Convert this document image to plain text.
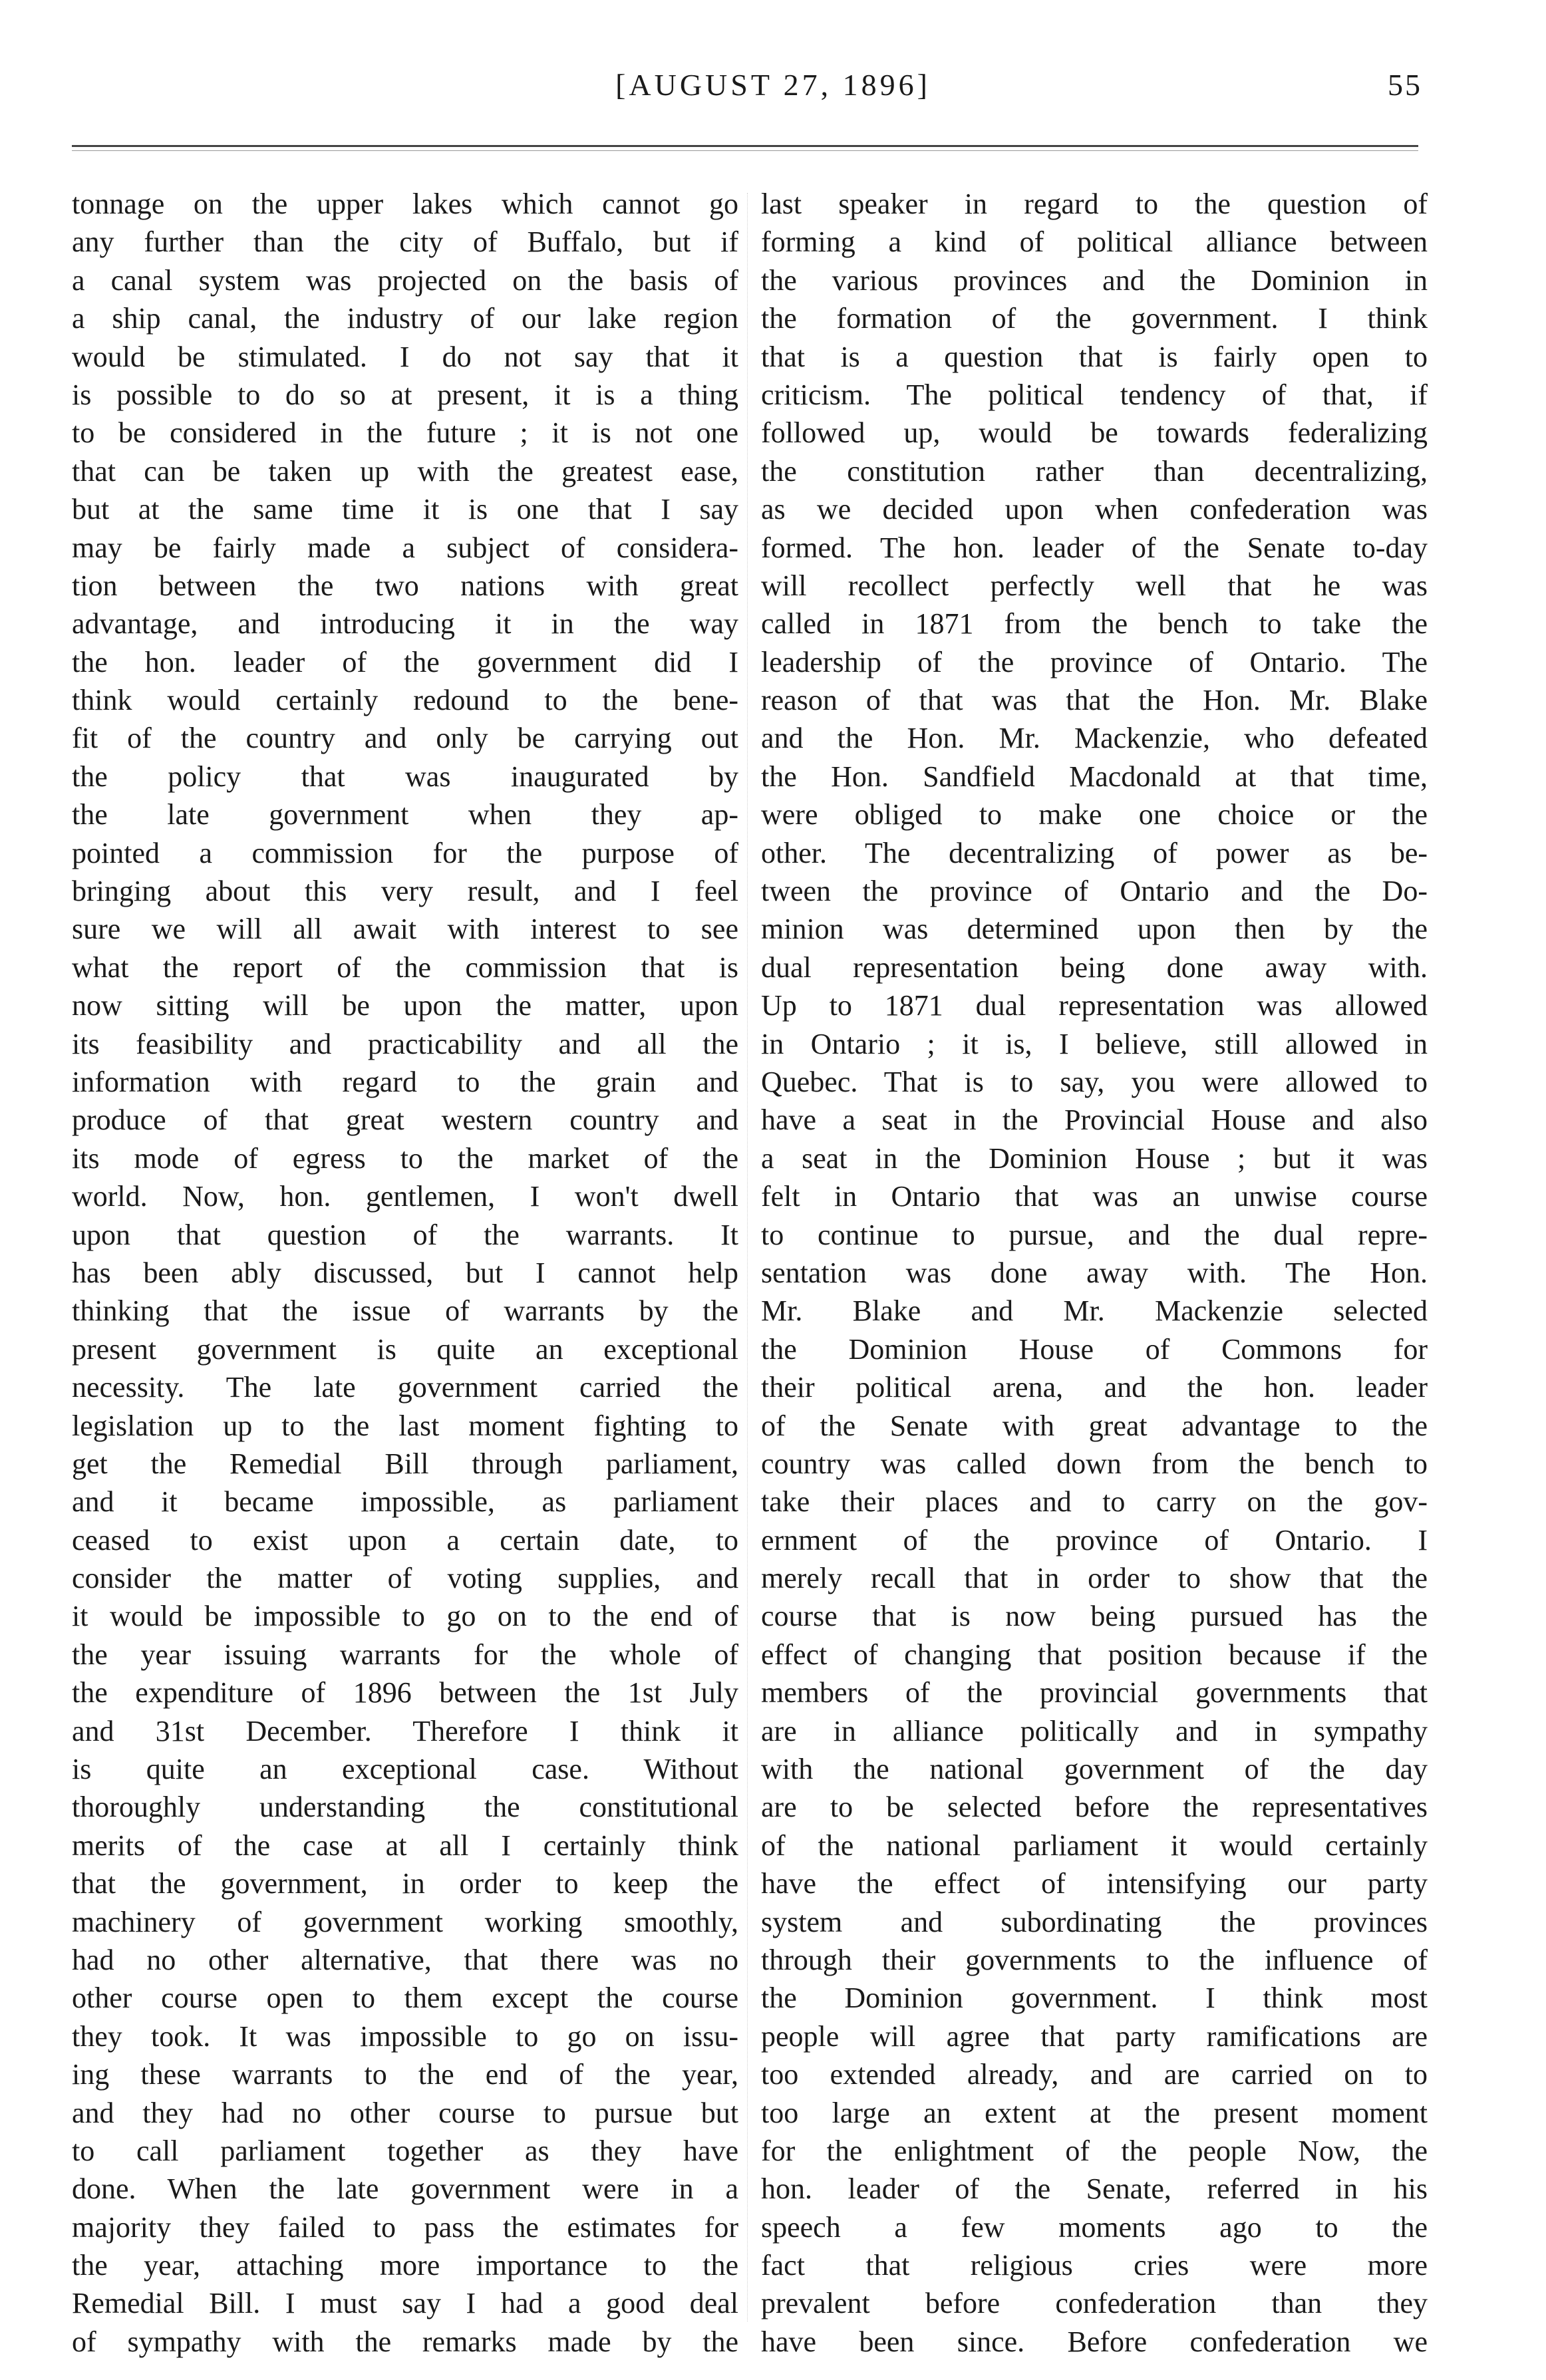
[AUGUST 27, 1896]	55
tonnage on the upper lakes which cannot go
any further than the city of Buffalo, but if
a canal system was projected on the basis of
a ship canal, the industry of our lake region
would be stimulated. I do not say that it
is possible to do so at present, it is a thing
to be considered in the future ; it is not one
that can be taken up with the greatest ease,
but at the same time it is one that I say
may be fairly made a subject of considera-
tion between the two nations with great
advantage, and introducing it in the way
the hon. leader of the government did I
think would certainly redound to the bene-
fit of the country and only be carrying out
the policy that was inaugurated by
the late government when they ap-
pointed a commission for the purpose of
bringing about this very result, and I feel
sure we will all await with interest to see
what the report of the commission that is
now sitting will be upon the matter, upon
its feasibility and practicability and all the
information with regard to the grain and
produce of that great western country and
its mode of egress to the market of the
world. Now, hon. gentlemen, I won't dwell
upon that question of the warrants. It
has been ably discussed, but I cannot help
thinking that the issue of warrants by the
present government is quite an exceptional
necessity. The late government carried the
legislation up to the last moment fighting to
get the Remedial Bill through parliament,
and it became impossible, as parliament
ceased to exist upon a certain date, to
consider the matter of voting supplies, and
it would be impossible to go on to the end of
the year issuing warrants for the whole of
the expenditure of 1896 between the 1st July
and 31st December. Therefore I think it
is quite an exceptional case. Without
thoroughly understanding the constitutional
merits of the case at all I certainly think
that the government, in order to keep the
machinery of government working smoothly,
had no other alternative, that there was no
other course open to them except the course
they took. It was impossible to go on issu-
ing these warrants to the end of the year,
and they had no other course to pursue but
to call parliament together as they have
done. When the late government were in a
majority they failed to pass the estimates for
the year, attaching more importance to the
Remedial Bill. I must say I had a good deal
of sympathy with the remarks made by the
last speaker in regard to the question of
forming a kind of political alliance between
the various provinces and the Dominion in
the formation of the government. I think
that is a question that is fairly open to
criticism. The political tendency of that, if
followed up, would be towards federalizing
the constitution rather than decentralizing,
as we decided upon when confederation was
formed. The hon. leader of the Senate to-day
will recollect perfectly well that he was
called in 1871 from the bench to take the
leadership of the province of Ontario. The
reason of that was that the Hon. Mr. Blake
and the Hon. Mr. Mackenzie, who defeated
the Hon. Sandfield Macdonald at that time,
were obliged to make one choice or the
other. The decentralizing of power as be-
tween the province of Ontario and the Do-
minion was determined upon then by the
dual representation being done away with.
Up to 1871 dual representation was allowed
in Ontario ; it is, I believe, still allowed in
Quebec. That is to say, you were allowed to
have a seat in the Provincial House and also
a seat in the Dominion House ; but it was
felt in Ontario that was an unwise course
to continue to pursue, and the dual repre-
sentation was done away with. The Hon.
Mr. Blake and Mr. Mackenzie selected
the Dominion House of Commons for
their political arena, and the hon. leader
of the Senate with great advantage to the
country was called down from the bench to
take their places and to carry on the gov-
ernment of the province of Ontario. I
merely recall that in order to show that the
course that is now being pursued has the
effect of changing that position because if the
members of the provincial governments that
are in alliance politically and in sympathy
with the national government of the day
are to be selected before the representatives
of the national parliament it would certainly
have the effect of intensifying our party
system and subordinating the provinces
through their governments to the influence of
the Dominion government. I think most
people will agree that party ramifications are
too extended already, and are carried on to
too large an extent at the present moment
for the enlightment of the people Now, the
hon. leader of the Senate, referred in his
speech a few moments ago to the
fact that religious cries were more
prevalent before confederation than they
have been since. Before confederation we
